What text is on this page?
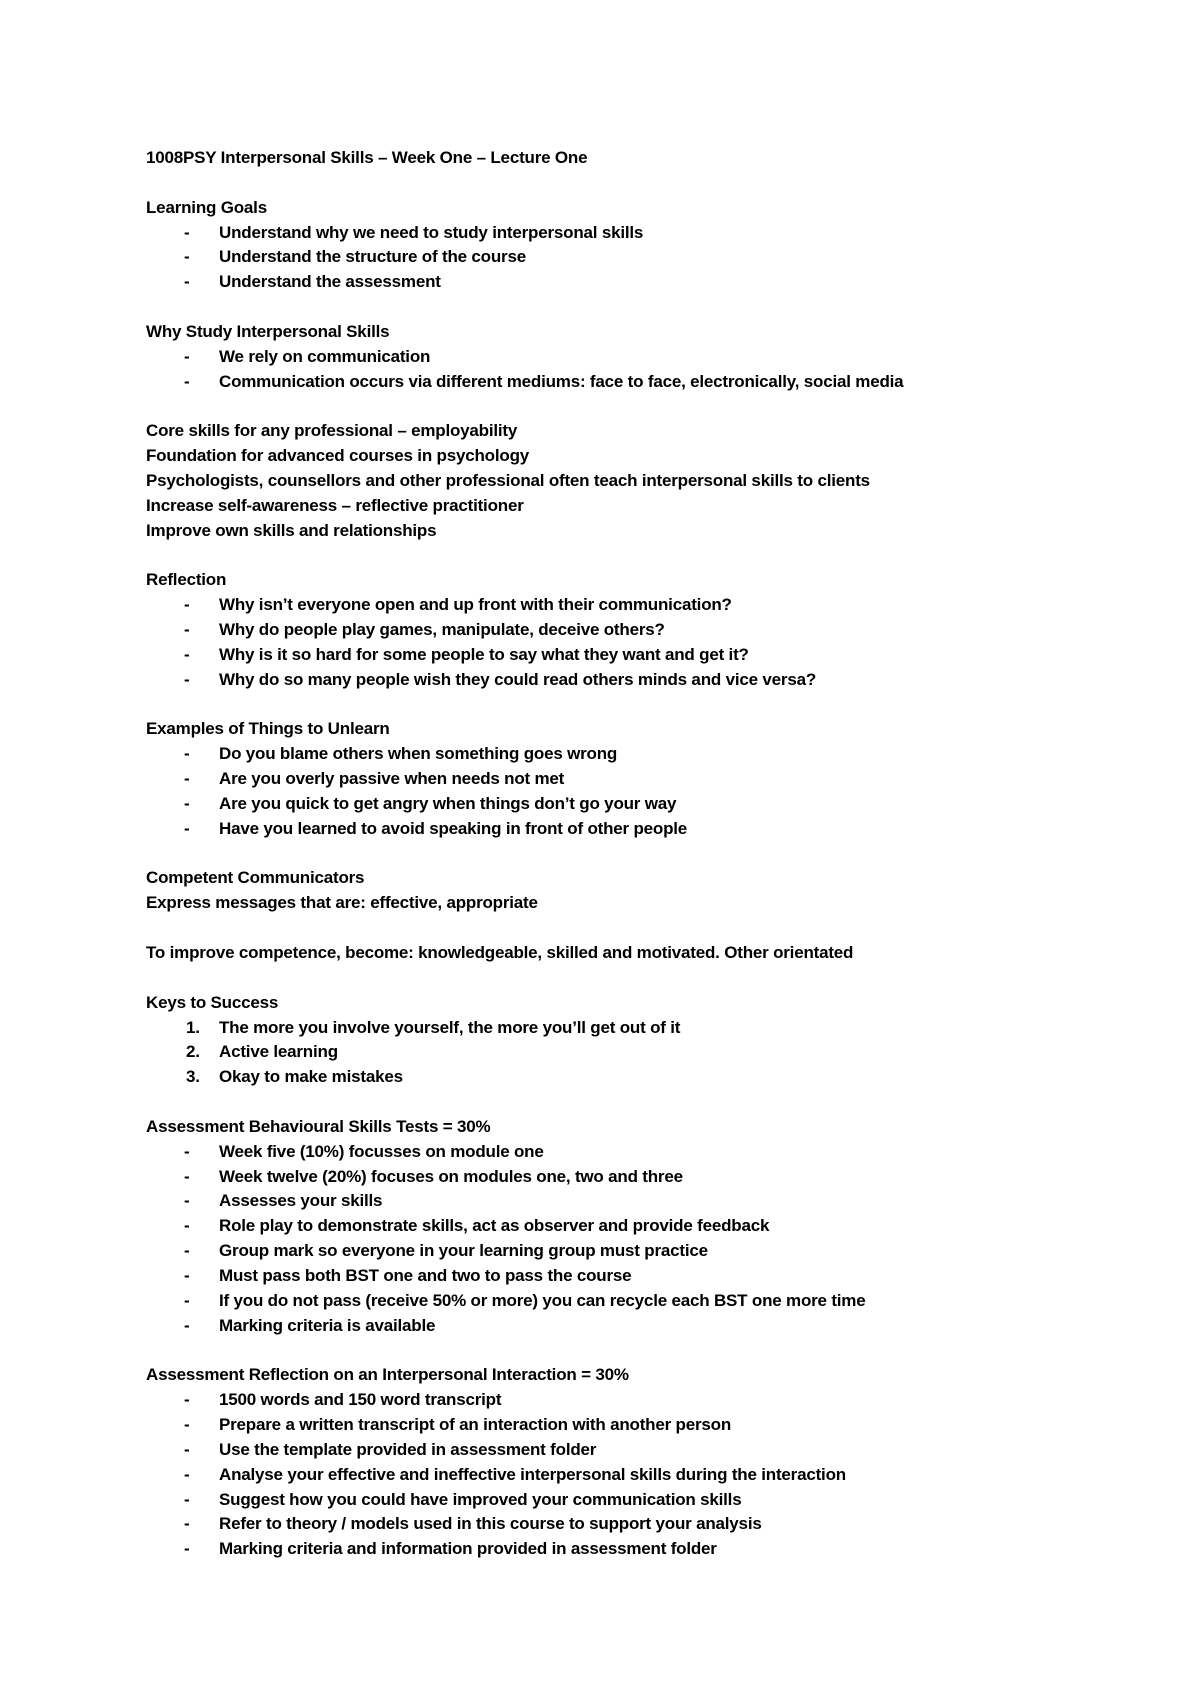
1008PSY Interpersonal Skills – Week One – Lecture One
Learning Goals
-	Understand why we need to study interpersonal skills
-	Understand the structure of the course
-	Understand the assessment
Why Study Interpersonal Skills
-	We rely on communication
-	Communication occurs via different mediums: face to face, electronically, social media
Core skills for any professional – employability
Foundation for advanced courses in psychology
Psychologists, counsellors and other professional often teach interpersonal skills to clients
Increase self-awareness – reflective practitioner
Improve own skills and relationships
Reflection
-	Why isn’t everyone open and up front with their communication?
-	Why do people play games, manipulate, deceive others?
-	Why is it so hard for some people to say what they want and get it?
-	Why do so many people wish they could read others minds and vice versa?
Examples of Things to Unlearn
-	Do you blame others when something goes wrong
-	Are you overly passive when needs not met
-	Are you quick to get angry when things don’t go your way
-	Have you learned to avoid speaking in front of other people
Competent Communicators
Express messages that are: effective, appropriate
To improve competence, become: knowledgeable, skilled and motivated. Other orientated
Keys to Success
1.	The more you involve yourself, the more you’ll get out of it
2.	Active learning
3.	Okay to make mistakes
Assessment Behavioural Skills Tests = 30%
-	Week five (10%) focusses on module one
-	Week twelve (20%) focuses on modules one, two and three
-	Assesses your skills
-	Role play to demonstrate skills, act as observer and provide feedback
-	Group mark so everyone in your learning group must practice
-	Must pass both BST one and two to pass the course
-	If you do not pass (receive 50% or more) you can recycle each BST one more time
-	Marking criteria is available
Assessment Reflection on an Interpersonal Interaction = 30%
-	1500 words and 150 word transcript
-	Prepare a written transcript of an interaction with another person
-	Use the template provided in assessment folder
-	Analyse your effective and ineffective interpersonal skills during the interaction
-	Suggest how you could have improved your communication skills
-	Refer to theory / models used in this course to support your analysis
-	Marking criteria and information provided in assessment folder
